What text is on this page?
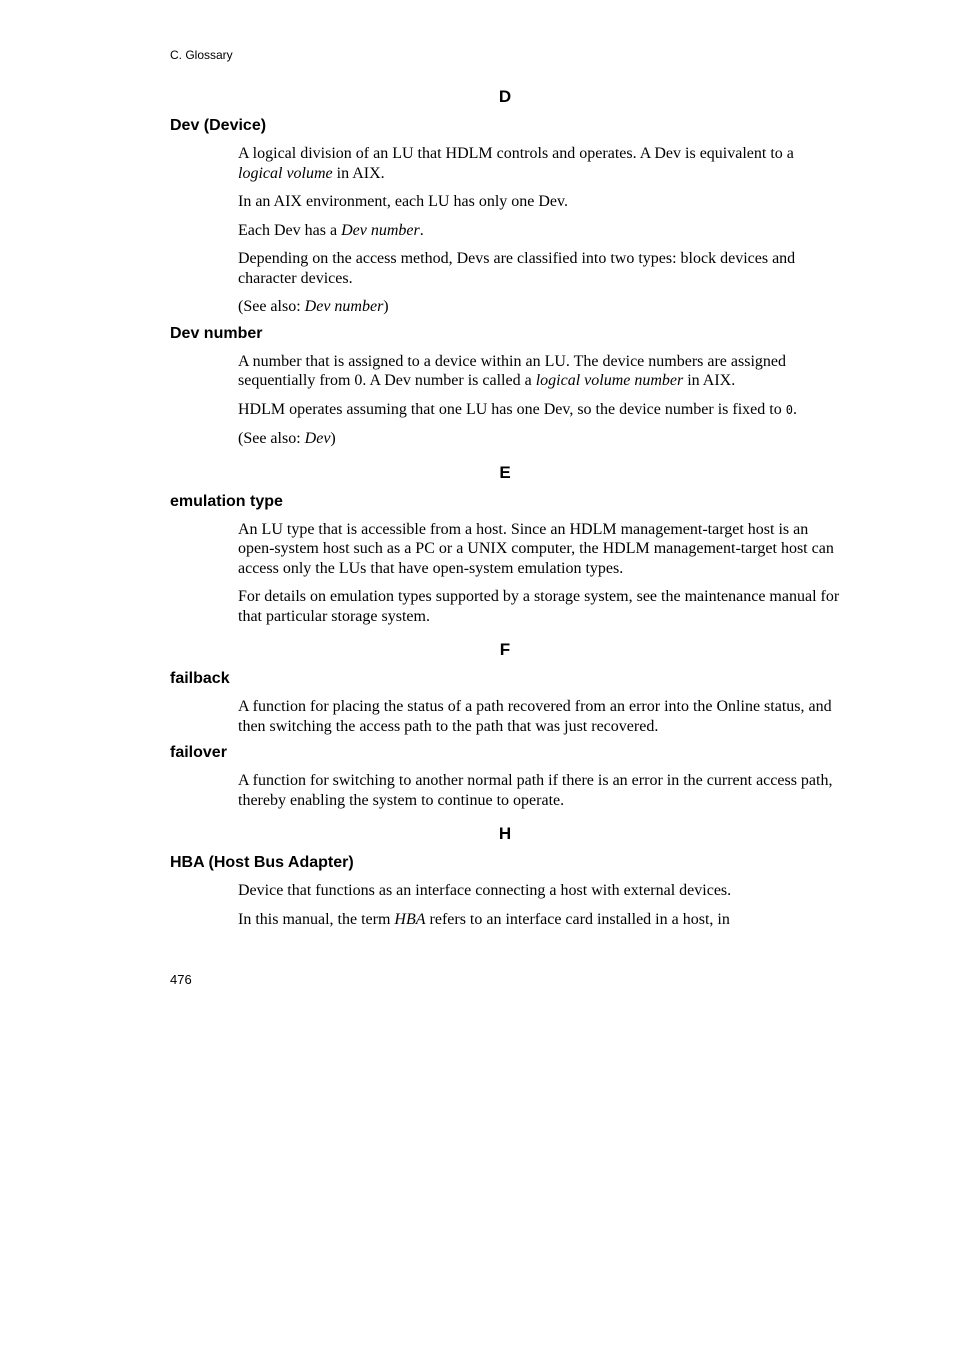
C. Glossary
D
Dev (Device)

A logical division of an LU that HDLM controls and operates. A Dev is equivalent to a logical volume in AIX.

In an AIX environment, each LU has only one Dev.

Each Dev has a Dev number.

Depending on the access method, Devs are classified into two types: block devices and character devices.

(See also: Dev number)

Dev number

A number that is assigned to a device within an LU. The device numbers are assigned sequentially from 0. A Dev number is called a logical volume number in AIX.

HDLM operates assuming that one LU has one Dev, so the device number is fixed to 0.

(See also: Dev)

E
emulation type

An LU type that is accessible from a host. Since an HDLM management-target host is an open-system host such as a PC or a UNIX computer, the HDLM management-target host can access only the LUs that have open-system emulation types.

For details on emulation types supported by a storage system, see the maintenance manual for that particular storage system.

F
failback

A function for placing the status of a path recovered from an error into the Online status, and then switching the access path to the path that was just recovered.

failover

A function for switching to another normal path if there is an error in the current access path, thereby enabling the system to continue to operate.

H
HBA (Host Bus Adapter)

Device that functions as an interface connecting a host with external devices.

In this manual, the term HBA refers to an interface card installed in a host, in

476
